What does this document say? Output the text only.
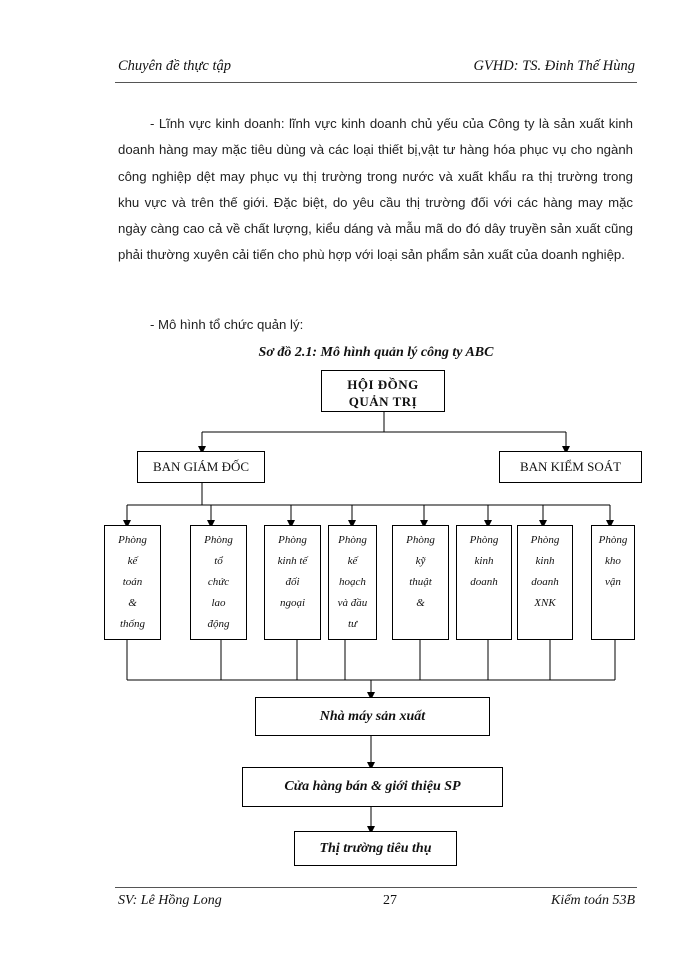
Chuyên đề thực tập	GVHD: TS. Đinh Thế Hùng

- Lĩnh vực kinh doanh: lĩnh vực kinh doanh chủ yếu của Công ty là sản xuất kinh doanh hàng may mặc tiêu dùng và các loại thiết bị,vật tư hàng hóa phục vụ cho ngành công nghiệp dệt may phục vụ thị trường trong nước và xuất khẩu ra thị trường trong khu vực và trên thế giới. Đặc biệt, do yêu cầu thị trường đối với các hàng may mặc ngày càng cao cả về chất lượng, kiểu dáng và mẫu mã do đó dây truyền sản xuất cũng phải thường xuyên cải tiến cho phù hợp với loại sản phẩm sản xuất của doanh nghiệp.

- Mô hình tổ chức quản lý:
Sơ đồ 2.1: Mô hình quản lý công ty ABC
HỘI ĐỒNG
QUẢN TRỊ
BAN GIÁM ĐỐC	BAN KIỂM SOÁT
Phòng
kế
toán
&
thống
Phòng
tổ
chức
lao
động
Phòng
kinh tế
đối
ngoại
Phòng
kế
hoạch
và đầu
tư
Phòng
kỹ
thuật
&
Phòng
kinh
doanh
Phòng
kinh
doanh
XNK
Phòng
kho
vận
Nhà máy sản xuất
Cửa hàng bán & giới thiệu SP
Thị trường tiêu thụ
SV: Lê Hồng Long	27	Kiểm toán 53B
